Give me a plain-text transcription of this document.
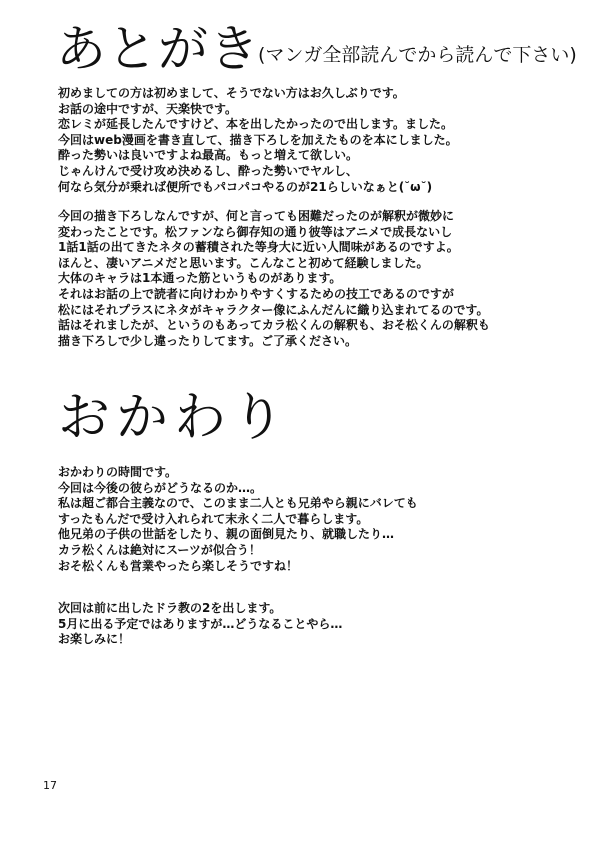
あとがき(マンガ全部読んでから読んで下さい)

初めましての方は初めまして、そうでない方はお久しぶりです。

お話の途中ですが、天楽快です。

恋レミが延長したんですけど、本を出したかったので出します。ました。

今回はweb漫画を書き直して、描き下ろしを加えたものを本にしました。

酔った勢いは良いですよね最高。もっと増えて欲しい。

じゃんけんで受け攻め決めるし、酔った勢いでヤルし、

何なら気分が乗れば便所でもパコパコやるのが21らしいなぁと(˘ω˘)

今回の描き下ろしなんですが、何と言っても困難だったのが解釈が微妙に

変わったことです。松ファンなら御存知の通り彼等はアニメで成長ないし

1話1話の出てきたネタの蓄積された等身大に近い人間味があるのですよ。

ほんと、凄いアニメだと思います。こんなこと初めて経験しました。

大体のキャラは1本通った筋というものがあります。

それはお話の上で読者に向けわかりやすくするための技工であるのですが

松にはそれプラスにネタがキャラクター像にふんだんに織り込まれてるのです。

話はそれましたが、というのもあってカラ松くんの解釈も、おそ松くんの解釈も

描き下ろしで少し違ったりしてます。ご了承ください。

おかわり

おかわりの時間です。

今回は今後の彼らがどうなるのか…。

私は超ご都合主義なので、このまま二人とも兄弟やら親にバレても

すったもんだで受け入れられて末永く二人で暮らします。

他兄弟の子供の世話をしたり、親の面倒見たり、就職したり…

カラ松くんは絶対にスーツが似合う！

おそ松くんも営業やったら楽しそうですね！

次回は前に出したドラ教の2を出します。

5月に出る予定ではありますが…どうなることやら…

お楽しみに！

17
